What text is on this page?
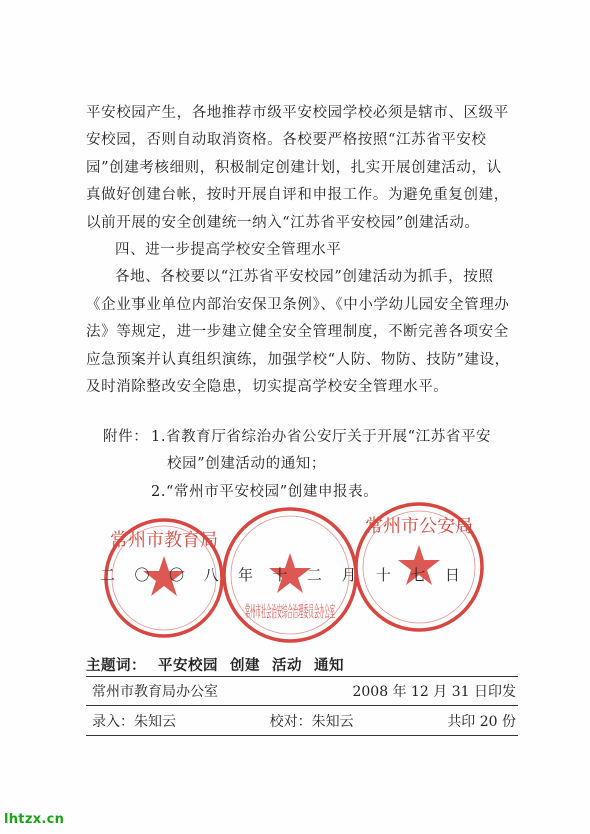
平安校园产生，各地推荐市级平安校园学校必须是辖市、区级平安校园，否则自动取消资格。各校要严格按照“江苏省平安校园”创建考核细则，积极制定创建计划，扎实开展创建活动，认真做好创建台帐，按时开展自评和申报工作。为避免重复创建，以前开展的安全创建统一纳入“江苏省平安校园”创建活动。

四、进一步提高学校安全管理水平

各地、各校要以“江苏省平安校园”创建活动为抓手，按照《企业事业单位内部治安保卫条例》、《中小学幼儿园安全管理办法》等规定，进一步建立健全安全管理制度，不断完善各项安全应急预案并认真组织演练，加强学校“人防、物防、技防”建设，及时消除整改安全隐患，切实提高学校安全管理水平。

附件： 1.省教育厅省综治办省公安厅关于开展“江苏省平安
校园”创建活动的通知；
2.“常州市平安校园”创建申报表。
常州市教育局
常州市社会治安综合治理委员会办公室
常州市公安局
二 〇 〇 八 年 十 二 月 十 七 日
主题词： 平安校园 创建 活动 通知
常州市教育局办公室	2008 年 12 月 31 日印发
录入：朱知云	校对：朱知云	共印 20 份
lhtzx.cn
